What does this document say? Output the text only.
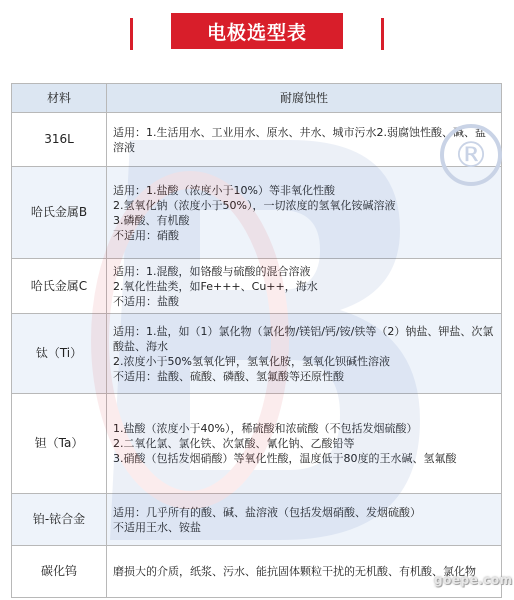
电极选型表
材料	耐腐蚀性
316L	适用：1.生活用水、工业用水、原水、井水、城市污水2.弱腐蚀性酸、碱、盐溶液

哈氏金属B	适用：1.盐酸（浓度小于10%）等非氧化性酸
2.氢氧化钠（浓度小于50%），一切浓度的氢氧化铵碱溶液
3.磷酸、有机酸
不适用：硝酸

哈氏金属C	适用：1.混酸，如铬酸与硫酸的混合溶液
2.氧化性盐类，如Fe+++、Cu++，海水
不适用：盐酸

钛（Ti）	适用：1.盐，如（1）氯化物（氯化物/镁铝/钙/铵/铁等（2）钠盐、钾盐、次氯酸盐、海水
2.浓度小于50%氢氧化钾，氢氧化胺，氢氧化钡碱性溶液
不适用：盐酸、硫酸、磷酸、氢氟酸等还原性酸

钽（Ta）	1.盐酸（浓度小于40%），稀硫酸和浓硫酸（不包括发烟硫酸）
2.二氧化氯、氯化铁、次氯酸、氰化钠、乙酸铅等
3.硝酸（包括发烟硝酸）等氧化性酸，温度低于80度的王水碱、氢氟酸

铂-铱合金	适用：几乎所有的酸、碱、盐溶液（包括发烟硝酸、发烟硫酸）
不适用王水、铵盐

碳化钨	磨损大的介质，纸浆、污水、能抗固体颗粒干扰的无机酸、有机酸、氯化物
®
goepe.com
